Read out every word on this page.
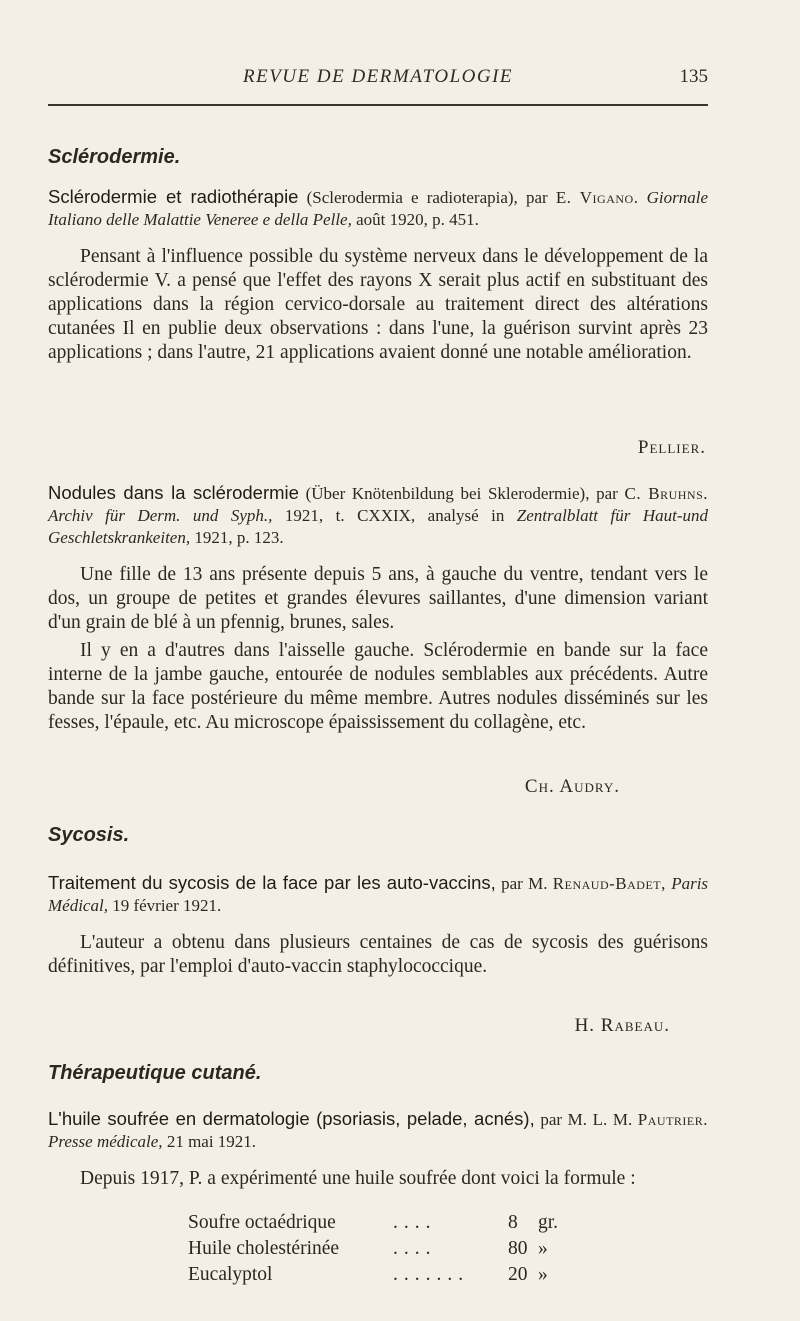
REVUE DE DERMATOLOGIE	135
Sclérodermie.
Sclérodermie et radiothérapie (Sclerodermia e radioterapia), par E. Vigano. Giornale Italiano delle Malattie Veneree e della Pelle, août 1920, p. 451.

Pensant à l'influence possible du système nerveux dans le développement de la sclérodermie V. a pensé que l'effet des rayons X serait plus actif en substituant des applications dans la région cervico-dorsale au traitement direct des altérations cutanées Il en publie deux observations : dans l'une, la guérison survint après 23 applications ; dans l'autre, 21 applications avaient donné une notable amélioration.

Pellier.
Nodules dans la sclérodermie (Über Knötenbildung bei Sklerodermie), par C. Bruhns. Archiv für Derm. und Syph., 1921, t. CXXIX, analysé in Zentralblatt für Haut-und Geschletskrankeiten, 1921, p. 123.

Une fille de 13 ans présente depuis 5 ans, à gauche du ventre, tendant vers le dos, un groupe de petites et grandes élevures saillantes, d'une dimension variant d'un grain de blé à un pfennig, brunes, sales.

Il y en a d'autres dans l'aisselle gauche. Sclérodermie en bande sur la face interne de la jambe gauche, entourée de nodules semblables aux précédents. Autre bande sur la face postérieure du même membre. Autres nodules disséminés sur les fesses, l'épaule, etc. Au microscope épaississement du collagène, etc.

Ch. Audry.
Sycosis.
Traitement du sycosis de la face par les auto-vaccins, par M. Renaud-Badet, Paris Médical, 19 février 1921.

L'auteur a obtenu dans plusieurs centaines de cas de sycosis des guérisons définitives, par l'emploi d'auto-vaccin staphylococcique.

H. Rabeau.
Thérapeutique cutané.
L'huile soufrée en dermatologie (psoriasis, pelade, acnés), par M. L. M. Pautrier. Presse médicale, 21 mai 1921.

Depuis 1917, P. a expérimenté une huile soufrée dont voici la formule :

Soufre octaédrique	....	8 gr.
Huile cholestérinée	....	80 »
Eucalyptol	....... 20 »
